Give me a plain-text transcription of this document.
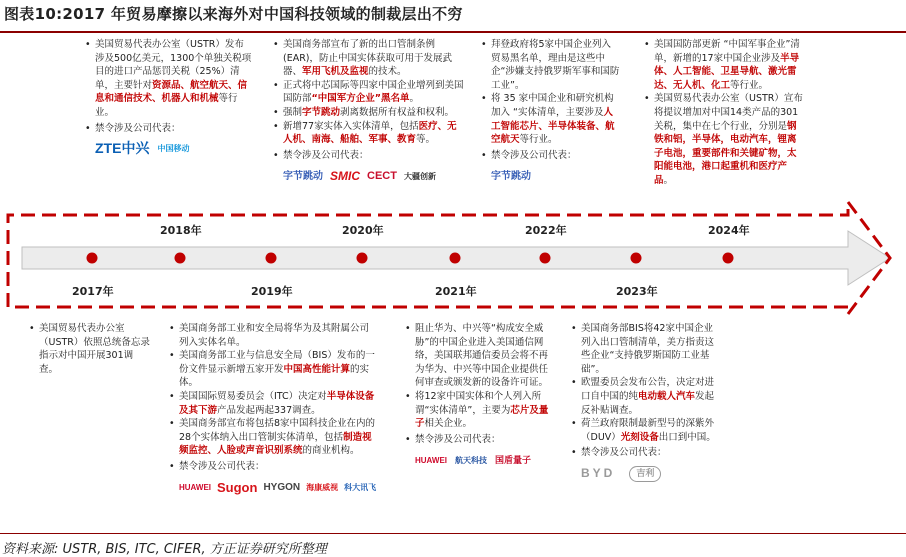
图表10:2017 年贸易摩擦以来海外对中国科技领域的制裁层出不穷
2017年
2018年
2019年
2020年
2021年
2022年
2023年
2024年
• 美国贸易代表办公室（USTR）发布涉及500亿美元，1300个单独关税项目的进口产品惩罚关税（25%）清单，主要针对资源品、航空航天、信息和通信技术、机器人和机械等行业。
• 禁令涉及公司代表：
ZTE中兴 中国移动
• 美国商务部宣布了新的出口管制条例(EAR)，防止中国实体获取可用于发展武器、军用飞机及监视的技术。
• 正式将中芯国际等四家中国企业增列到美国国防部“中国军方企业”黑名单。
• 强制字节跳动剥离数据所有权益和权利。
• 新增77家实体入实体清单，包括医疗、无人机、南海、船舶、军事、教育等。
• 禁令涉及公司代表：
字节跳动 SMIC CECT 大疆创新
• 拜登政府将5家中国企业列入贸易黑名单，理由是这些中企“涉嫌支持俄罗斯军事和国防工业”。
• 将 35 家中国企业和研究机构加入 “实体清单，主要涉及人工智能芯片、半导体装备、航空航天等行业。
• 禁令涉及公司代表：
字节跳动
• 美国国防部更新 “中国军事企业”清单，新增的17家中国企业涉及半导体、人工智能、卫星导航、激光雷达、无人机、化工等行业。
• 美国贸易代表办公室（USTR）宣布将提议增加对中国14类产品的301关税，集中在七个行业，分别是钢铁和铝，半导体，电动汽车，锂离子电池，重要部件和关键矿物，太阳能电池，港口起重机和医疗产品。
• 美国贸易代表办公室（USTR）依照总统备忘录指示对中国开展301调查。
• 美国商务部工业和安全局将华为及其附属公司列入实体名单。
• 美国商务部工业与信息安全局（BIS）发布的一份文件显示新增五家开发中国高性能计算的实体。
• 美国国际贸易委员会（ITC）决定对半导体设备及其下游产品发起两起337调查。
• 美国商务部宣布将包括8家中国科技企业在内的28个实体纳入出口管制实体清单，包括制造视频监控、人脸或声音识别系统的商业机构。
• 禁令涉及公司代表：
HUAWEI Sugon HYGON 海康威视 科大讯飞
• 阻止华为、中兴等“构成安全威胁”的中国企业进入美国通信网络，美国联邦通信委员会将不再为华为、中兴等中国企业提供任何审查或颁发新的设备许可证。
• 将12家中国实体和个人列入所谓“实体清单”，主要为芯片及量子相关企业。
• 禁令涉及公司代表：
HUAWEI 航天科技 国盾量子
• 美国商务部BIS将42家中国企业列入出口管制清单，美方指责这些企业“支持俄罗斯国防工业基础”。
• 欧盟委员会发布公告，决定对进口自中国的纯电动载人汽车发起反补贴调查。
• 荷兰政府限制最新型号的深紫外（DUV）光刻设备出口到中国。
• 禁令涉及公司代表：
BYD	吉利
资料来源: USTR, BIS, ITC, CIFER, 方正证券研究所整理
